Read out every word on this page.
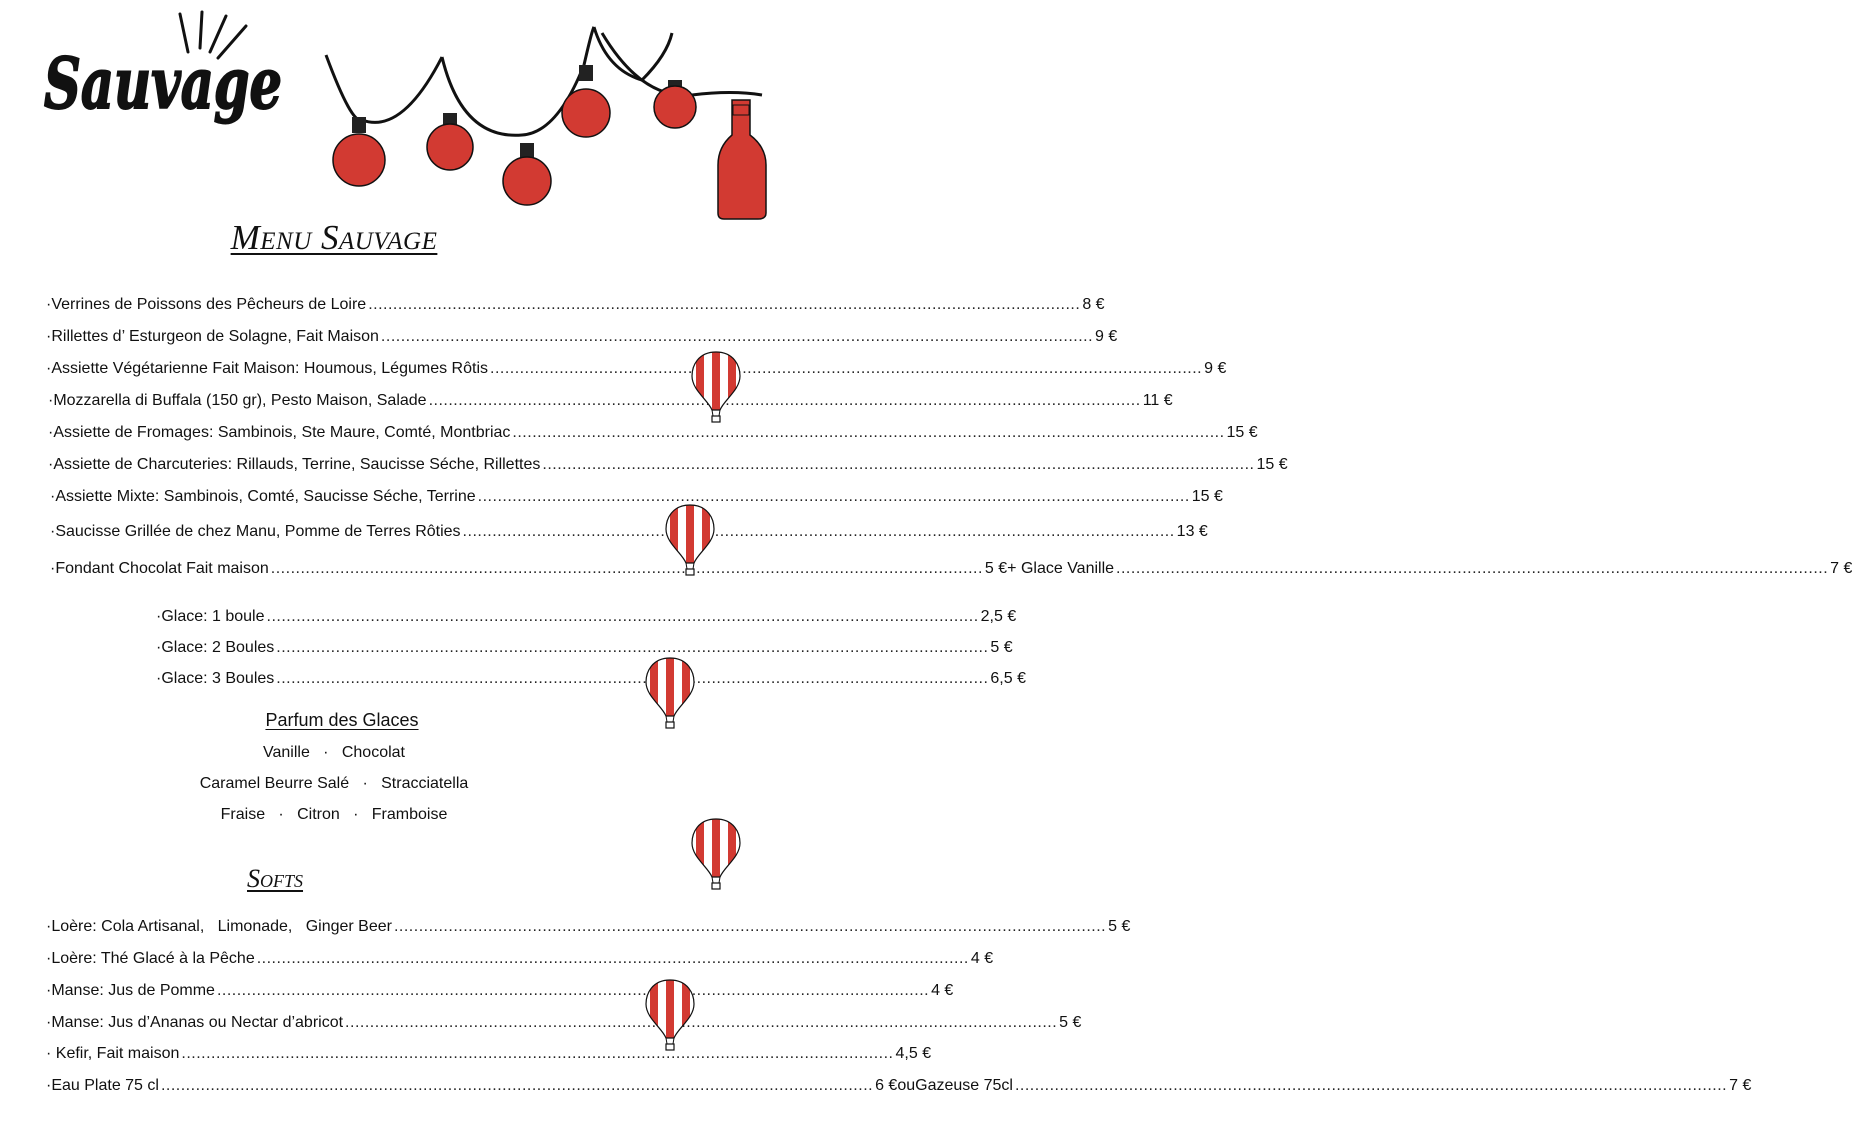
Sauvage
Menu Sauvage
·Verrines de Poissons des Pêcheurs de Loire .....	8 €
·Rillettes d’ Esturgeon de Solagne, Fait Maison .....	9 €
·Assiette Végétarienne Fait Maison: Houmous, Légumes Rôtis .....	9 €
·Mozzarella di Buffala (150 gr), Pesto Maison, Salade .....	11 €
·Assiette de Fromages: Sambinois, Ste Maure, Comté, Montbriac .....	15 €
·Assiette de Charcuteries: Rillauds, Terrine, Saucisse Séche, Rillettes .....	15 €
·Assiette Mixte: Sambinois, Comté, Saucisse Séche, Terrine .....	15 €
·Saucisse Grillée de chez Manu, Pomme de Terres Rôties .....	13 €
·Fondant Chocolat Fait maison .....	5 € + Glace Vanille .....	7 €
·Glace: 1 boule .....	2,5 €
·Glace: 2 Boules .....	5 €
·Glace: 3 Boules .....	6,5 €
Parfum des Glaces
Vanille   ·   Chocolat
Caramel Beurre Salé   ·   Stracciatella
Fraise   ·   Citron   ·   Framboise
Softs
·Loère: Cola Artisanal,   Limonade,   Ginger Beer .....	5 €
·Loère: Thé Glacé à la Pêche .....	4 €
·Manse: Jus de Pomme .....	4 €
·Manse: Jus d’Ananas ou Nectar d’abricot .....	5 €
· Kefir, Fait maison .....	4,5 €
·Eau Plate 75 cl .....	6 € ou Gazeuse 75cl .....	7 €
